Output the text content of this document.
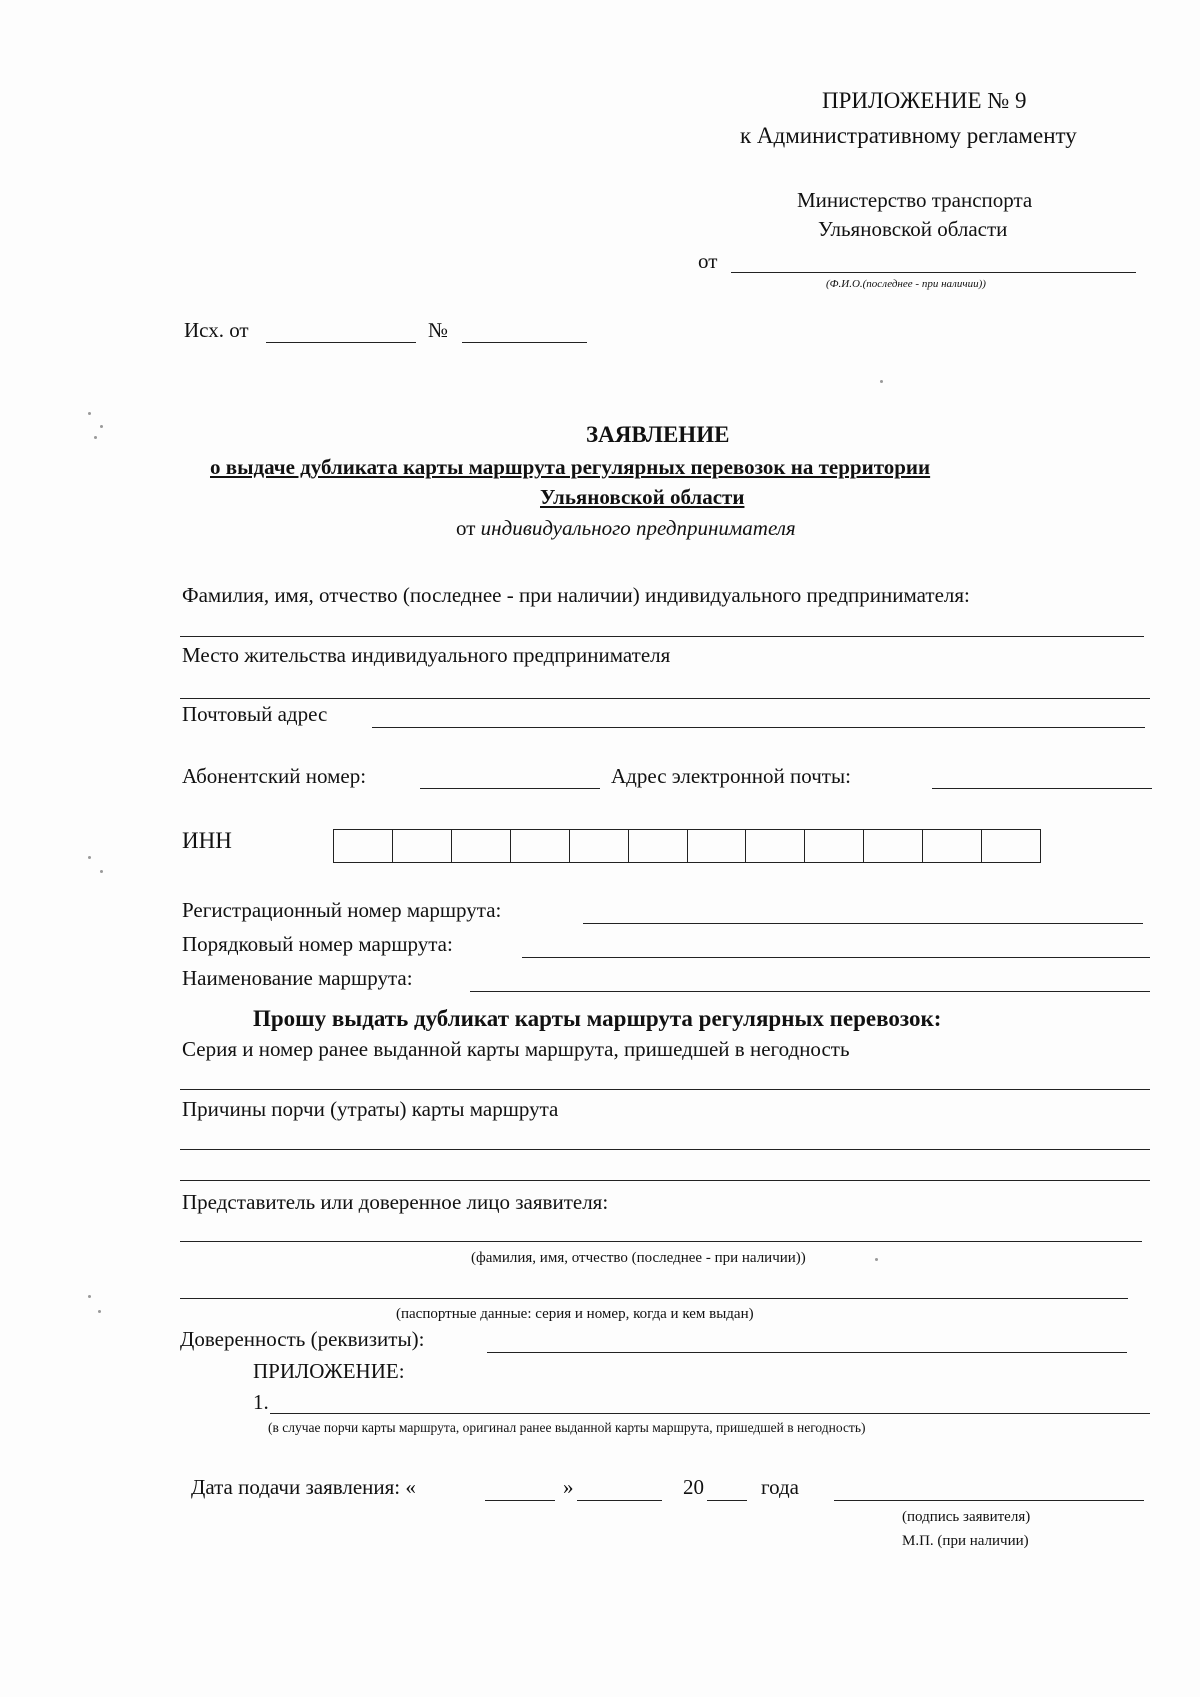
ПРИЛОЖЕНИЕ № 9
к Административному регламенту
Министерство транспорта
Ульяновской области
от
(Ф.И.О.(последнее - при наличии))
Исх. от	№
ЗАЯВЛЕНИЕ
о выдаче дубликата карты маршрута регулярных перевозок на территории
Ульяновской области
от индивидуального предпринимателя
Фамилия, имя, отчество (последнее - при наличии) индивидуального предпринимателя:
Место жительства индивидуального предпринимателя
Почтовый адрес
Абонентский номер:	Адрес электронной почты:
ИНН
Регистрационный номер маршрута:
Порядковый номер маршрута:
Наименование маршрута:
Прошу выдать дубликат карты маршрута регулярных перевозок:
Серия и номер ранее выданной карты маршрута, пришедшей в негодность
Причины порчи (утраты) карты маршрута
Представитель или доверенное лицо заявителя:
(фамилия, имя, отчество (последнее - при наличии))
(паспортные данные: серия и номер, когда и кем выдан)
Доверенность (реквизиты):
ПРИЛОЖЕНИЕ:
1.
(в случае порчи карты маршрута, оригинал ранее выданной карты маршрута, пришедшей в негодность)
Дата подачи заявления: «	»	20	года
(подпись заявителя)
М.П. (при наличии)
